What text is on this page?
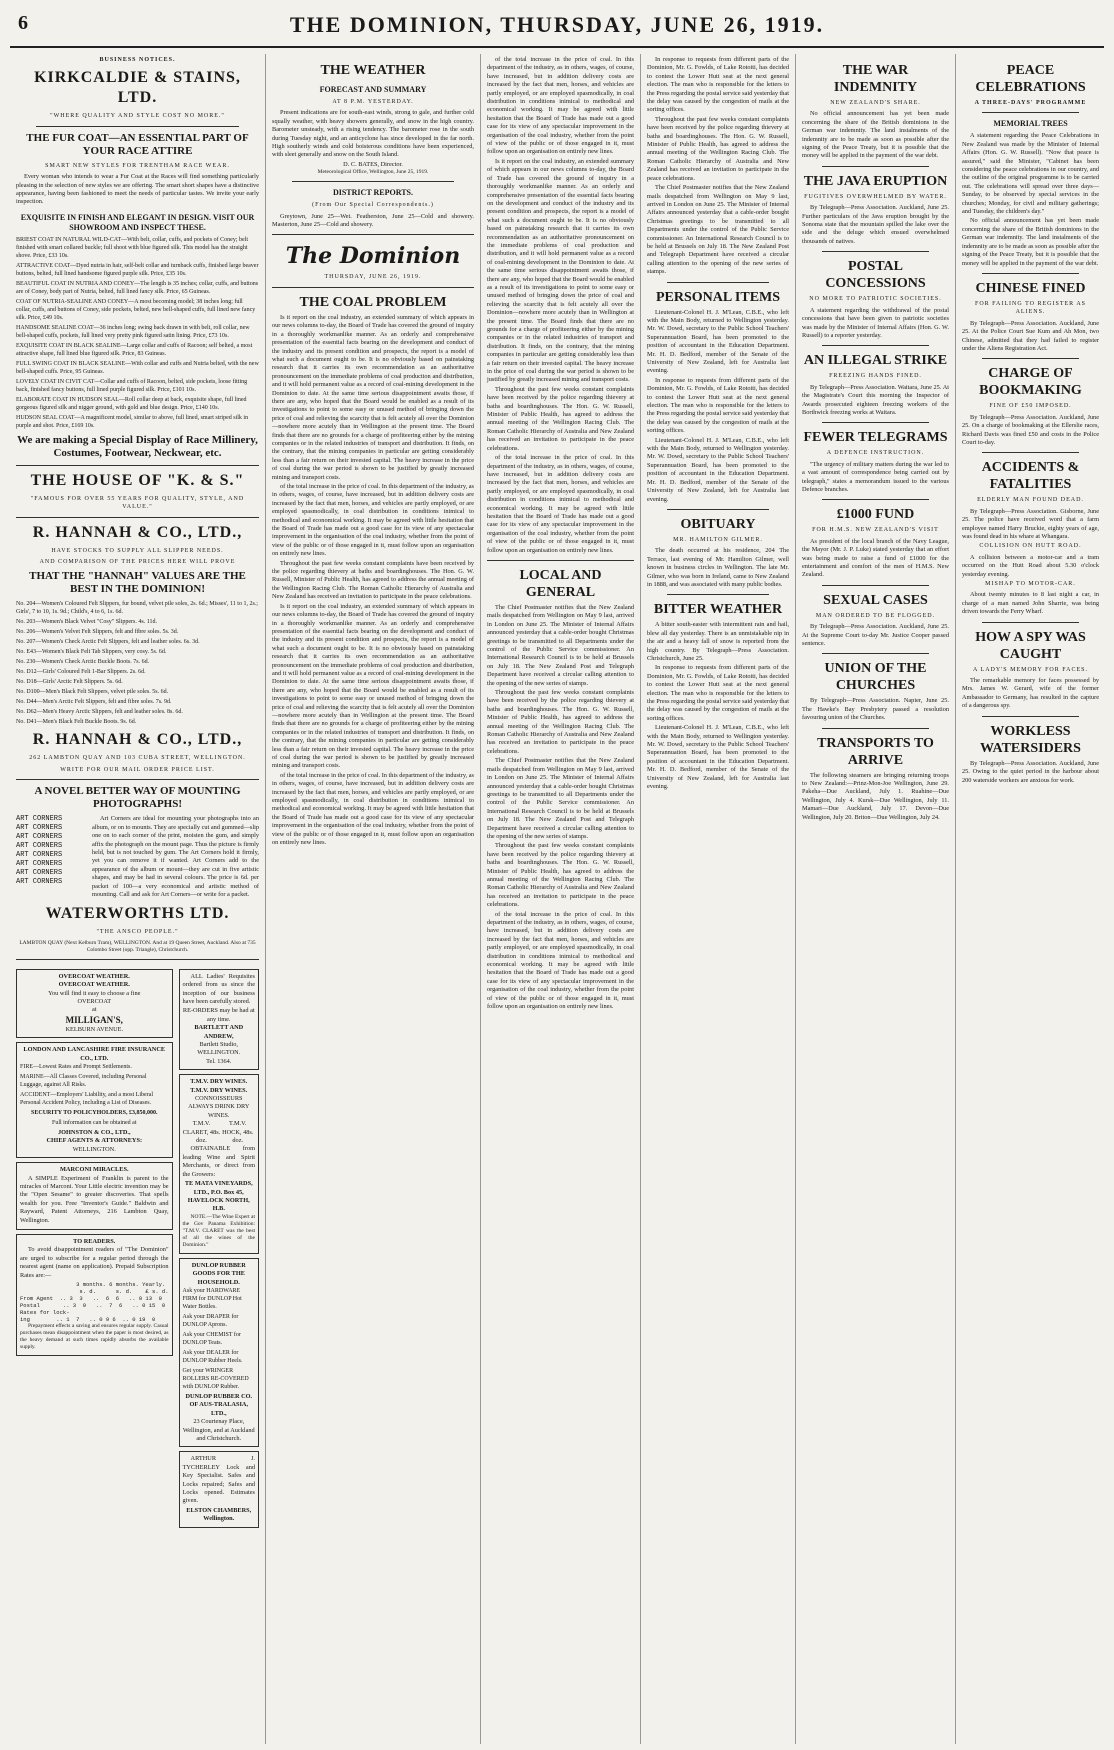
6	THE DOMINION, THURSDAY, JUNE 26, 1919.
BUSINESS NOTICES.
KIRKCALDIE & STAINS, LTD.
"WHERE QUALITY AND STYLE COST NO MORE."
THE FUR COAT—AN ESSENTIAL PART OF YOUR RACE ATTIRE
SMART NEW STYLES FOR TRENTHAM RACE WEAR.

Every woman who intends to wear a Fur Coat at the Races will find something particularly pleasing in the selection of new styles we are offering. The smart short shapes have a distinctive appearance, having been fashioned to meet the needs of particular tastes. We invite your early inspection.

EXQUISITE IN FINISH AND ELEGANT IN DESIGN. VISIT OUR SHOWROOM AND INSPECT THESE.
BRIEST COAT IN NATURAL WILD-CAT—With belt, collar, cuffs, and pockets of Coney; belt finished with smart collared buckle; full shoot with blue figured silk. This model has the straight shove. Price, £33 10s.
ATTRACTIVE COAT—Dyed nutria in hair, self-belt collar and turnback cuffs, finished large beaver buttons, belted, full lined handsome figured purple silk. Price, £35 10s.
BEAUTIFUL COAT IN NUTRIA AND CONEY—The length is 35 inches; collar, cuffs, and buttons are of Coney, body part of Nutria, belted, full lined fancy silk. Price, 65 Guineas.
COAT OF NUTRIA-SEALINE AND CONEY—A most becoming model; 38 inches long; full collar, cuffs, and buttons of Coney, side pockets, belted, new bell-shaped cuffs, full lined new fancy silk. Price, £49 10s.
HANDSOME SEALINE COAT—36 inches long; swing back drawn in with belt, roll collar, new bell-shaped cuffs, pockets, full lined very pretty pink figured satin lining. Price, £73 10s.
EXQUISITE COAT IN BLACK SEALINE—Large collar and cuffs of Racoon; self belted, a most attractive shape, full lined blue figured silk. Price, 83 Guineas.
FULL SWING COAT IN BLACK SEALINE—With collar and cuffs and Nutria belted, with the new bell-shaped cuffs. Price, 95 Guineas.
LOVELY COAT IN CIVIT CAT—Collar and cuffs of Racoon, belted, side pockets, loose fitting back, finished fancy buttons, full lined purple figured silk. Price, £101 10s.
ELABORATE COAT IN HUDSON SEAL—Roll collar deep at back, exquisite shape, full lined gorgeous figured silk and nigger ground, with gold and blue design. Price, £140 10s.
HUDSON SEAL COAT—A magnificent model, similar to above, full lined, smart striped silk in purple and shot. Price, £169 10s.
We are making a Special Display of Race Millinery, Costumes, Footwear, Neckwear, etc.
THE HOUSE OF "K. & S."
"FAMOUS FOR OVER 55 YEARS FOR QUALITY, STYLE, AND VALUE."
R. HANNAH & CO., LTD.,
HAVE STOCKS TO SUPPLY ALL SLIPPER NEEDS.
AND COMPARISON OF THE PRICES HERE WILL PROVE
THAT THE "HANNAH" VALUES ARE THE BEST IN THE DOMINION!
No. 204—Women's Coloured Felt Slippers, fur bound, velvet pile soles, 2s. 6d.; Misses', 11 to 1, 2s.; Girls', 7 to 10, 1s. 9d.; Child's, 4 to 6, 1s. 6d.
No. 203—Women's Black Velvet "Cosy" Slippers. 4s. 11d.
No. 206—Women's Velvet Felt Slippers, felt and fibre soles. 5s. 3d.
No. 207—Women's Check Arctic Felt Slippers, felt and leather soles. 6s. 3d.
No. E43—Women's Black Felt Tab Slippers, very cosy. 5s. 6d.
No. 230—Women's Check Arctic Buckle Boots. 7s. 6d.
No. D12—Girls' Coloured Felt 1-Bar Slippers. 2s. 6d.
No. D18—Girls' Arctic Felt Slippers. 5s. 6d.
No. D100—Men's Black Felt Slippers, velvet pile soles. 5s. 6d.
No. D44—Men's Arctic Felt Slippers, felt and fibre soles. 7s. 9d.
No. D62—Men's Heavy Arctic Slippers, felt and leather soles. 8s. 6d.
No. D41—Men's Black Felt Buckle Boots. 9s. 6d.
R. HANNAH & CO., LTD.,
262 LAMBTON QUAY AND 103 CUBA STREET, WELLINGTON.
WRITE FOR OUR MAIL ORDER PRICE LIST.
A NOVEL BETTER WAY OF MOUNTING PHOTOGRAPHS!
ART CORNERS
ART CORNERS
ART CORNERS
ART CORNERS
ART CORNERS
ART CORNERS
ART CORNERS
ART CORNERS

Art Corners are ideal for mounting your photographs into an album, or on to mounts. They are specially cut and gummed—slip one on to each corner of the print, moisten the gum, and simply affix the photograph on the mount page. Thus the picture is firmly held, but is not touched by gum. The Art Corners hold it firmly, yet you can remove it if wanted. Art Corners add to the appearance of the album or mount—they are cut in five artistic shapes, and may be had in several colours. The price is 6d. per packet of 100—a very economical and artistic method of mounting. Call and ask for Art Corners—or write for a packet.

WATERWORTHS LTD.
"THE ANSCO PEOPLE."
LAMBTON QUAY (Next Kelburn Tram), WELLINGTON. And at 19 Queen Street, Auckland. Also at 735 Colombo Street (opp. Triangle), Christchurch.
OVERCOAT WEATHER.
OVERCOAT WEATHER.
You will find it easy to choose a fine
OVERCOAT
at
MILLIGAN'S,
KELBURN AVENUE.
LONDON AND LANCASHIRE FIRE INSURANCE CO., LTD.
FIRE—Lowest Rates and Prompt Settlements.
MARINE—All Classes Covered, including Personal Luggage, against All Risks.
ACCIDENT—Employers' Liability, and a most Liberal Personal Accident Policy, including a List of Diseases.
SECURITY TO POLICYHOLDERS, £3,850,000.
Full information can be obtained at
JOHNSTON & CO., LTD.,
CHIEF AGENTS & ATTORNEYS:
WELLINGTON.
MARCONI MIRACLES.

A SIMPLE Experiment of Franklin is parent to the miracles of Marconi. Your Little electric invention may be the "Open Sesame" to greater discoveries. That spells wealth for you. Free "Inventor's Guide." Baldwin and Rayward, Patent Attorneys, 216 Lambton Quay, Wellington.

TO READERS.

To avoid disappointment readers of "The Dominion" are urged to subscribe for a regular period through the nearest agent (name on application). Prepaid Subscription Rates are:—

3 months. 6 months. Yearly.
s. d.      s. d.    £ s. d.
From Agent  .. 3  3   ..  6  6   .. 0 13  0
Postal       .. 3  9   ..  7  6   .. 0 15  0
Rates for lock-
ing        .. 1  7   .. 0 9 6  .. 0 19  0

Prepayment effects a saving and ensures regular supply. Casual purchases mean disappointment when the paper is most desired, as the heavy demand at such times rapidly absorbs the available supply.

ALL Ladies' Requisites ordered from us since the inception of our business have been carefully stored.

RE-ORDERS may be had at any time.
BARTLETT AND ANDREW,
Bartlett Studio, WELLINGTON.
Tel. 1364.
T.M.V. DRY WINES.
T.M.V. DRY WINES.
CONNOISSEURS ALWAYS DRINK DRY WINES.
T.M.V. CLARET, 48s. doz.
T.M.V. HOCK, 48s. doz.

OBTAINABLE from leading Wine and Spirit Merchants, or direct from the Growers:

TE MATA VINEYARDS, LTD., P.O. Box 45, HAVELOCK NORTH, H.B.

NOTE.—The Wine Expert at the Gov Panama Exhibition: "T.M.V. CLARET was the best of all the wines of the Dominion."

DUNLOP RUBBER GOODS FOR THE HOUSEHOLD.
Ask your HARDWARE FIRM for DUNLOP Hot Water Bottles.
Ask your DRAPER for DUNLOP Aprons.
Ask your CHEMIST for DUNLOP Teats.
Ask your DEALER for DUNLOP Rubber Heels.
Get your WRINGER ROLLERS RE-COVERED with DUNLOP Rubber.
DUNLOP RUBBER CO. OF AUS-TRALASIA, LTD.,
23 Courtenay Place, Wellington, and at Auckland and Christchurch.

ARTHUR J. TYCHERLEY Lock and Key Specialist. Safes and Locks repaired; Safes and Locks opened. Estimates given.

ELSTON CHAMBERS, Wellington.
THE WEATHER
FORECAST AND SUMMARY
AT 8 P.M. YESTERDAY.

Present indications are for south-east winds, strong to gale, and further cold squally weather, with heavy showers generally, and snow in the high country. Barometer unsteady, with a rising tendency. The barometer rose in the south during Tuesday night, and an anticyclone has since developed in the far north. High southerly winds and cold boisterous conditions have been experienced, with sleet generally and snow on the South Island.

D. C. BATES, Director.
Meteorological Office, Wellington, June 25, 1919.
DISTRICT REPORTS.
(From Our Special Correspondents.)

Greytown, June 25—Wet. Featherston, June 25—Cold and showery. Masterton, June 25—Cold and showery.

The Dominion
THURSDAY, JUNE 26, 1919.
THE COAL PROBLEM

Is it report on the coal industry, an extended summary of which appears in our news columns to-day, the Board of Trade has covered the ground of inquiry in a thoroughly workmanlike manner. As an orderly and comprehensive presentation of the essential facts bearing on the development and conduct of the industry and its present condition and prospects, the report is a model of what such a document ought to be. It is no obviously based on painstaking research that it carries its own recommendation as an authoritative pronouncement on the immediate problems of coal production and distribution, and it will hold permanent value as a record of coal-mining development in the Dominion to date. At the same time serious disappointment awaits those, if there are any, who hoped that the Board would be enabled as a result of its investigations to point to some easy or unused method of bringing down the price of coal and relieving the scarcity that is felt acutely all over the Dominion—nowhere more acutely than in Wellington at the present time. The Board finds that there are no grounds for a charge of profiteering either by the mining companies or in the related industries of transport and distribution. It finds, on the contrary, that the mining companies in particular are getting considerably less than a fair return on their invested capital. The heavy increase in the price of coal during the war period is shown to be justified by greatly increased mining and transport costs.

of the total increase in the price of coal. In this department of the industry, as in others, wages, of course, have increased, but in addition delivery costs are increased by the fact that men, horses, and vehicles are partly employed, or are employed spasmodically, in coal distribution in conditions inimical to methodical and economical working. It may be agreed with little hesitation that the Board of Trade has made out a good case for its view of any spectacular improvement in the organisation of the coal industry, whether from the point of view of the public or of those engaged in it, must follow upon an organisation on entirely new lines.

Throughout the past few weeks constant complaints have been received by the police regarding thievery at baths and boardinghouses. The Hon. G. W. Russell, Minister of Public Health, has agreed to address the annual meeting of the Wellington Racing Club. The Roman Catholic Hierarchy of Australia and New Zealand has received an invitation to participate in the peace celebrations.

Is it report on the coal industry, an extended summary of which appears in our news columns to-day, the Board of Trade has covered the ground of inquiry in a thoroughly workmanlike manner. As an orderly and comprehensive presentation of the essential facts bearing on the development and conduct of the industry and its present condition and prospects, the report is a model of what such a document ought to be. It is no obviously based on painstaking research that it carries its own recommendation as an authoritative pronouncement on the immediate problems of coal production and distribution, and it will hold permanent value as a record of coal-mining development in the Dominion to date. At the same time serious disappointment awaits those, if there are any, who hoped that the Board would be enabled as a result of its investigations to point to some easy or unused method of bringing down the price of coal and relieving the scarcity that is felt acutely all over the Dominion—nowhere more acutely than in Wellington at the present time. The Board finds that there are no grounds for a charge of profiteering either by the mining companies or in the related industries of transport and distribution. It finds, on the contrary, that the mining companies in particular are getting considerably less than a fair return on their invested capital. The heavy increase in the price of coal during the war period is shown to be justified by greatly increased mining and transport costs.

of the total increase in the price of coal. In this department of the industry, as in others, wages, of course, have increased, but in addition delivery costs are increased by the fact that men, horses, and vehicles are partly employed, or are employed spasmodically, in coal distribution in conditions inimical to methodical and economical working. It may be agreed with little hesitation that the Board of Trade has made out a good case for its view of any spectacular improvement in the organisation of the coal industry, whether from the point of view of the public or of those engaged in it, must follow upon an organisation on entirely new lines.

of the total increase in the price of coal. In this department of the industry, as in others, wages, of course, have increased, but in addition delivery costs are increased by the fact that men, horses, and vehicles are partly employed, or are employed spasmodically, in coal distribution in conditions inimical to methodical and economical working. It may be agreed with little hesitation that the Board of Trade has made out a good case for its view of any spectacular improvement in the organisation of the coal industry, whether from the point of view of the public or of those engaged in it, must follow upon an organisation on entirely new lines.

Is it report on the coal industry, an extended summary of which appears in our news columns to-day, the Board of Trade has covered the ground of inquiry in a thoroughly workmanlike manner. As an orderly and comprehensive presentation of the essential facts bearing on the development and conduct of the industry and its present condition and prospects, the report is a model of what such a document ought to be. It is no obviously based on painstaking research that it carries its own recommendation as an authoritative pronouncement on the immediate problems of coal production and distribution, and it will hold permanent value as a record of coal-mining development in the Dominion to date. At the same time serious disappointment awaits those, if there are any, who hoped that the Board would be enabled as a result of its investigations to point to some easy or unused method of bringing down the price of coal and relieving the scarcity that is felt acutely all over the Dominion—nowhere more acutely than in Wellington at the present time. The Board finds that there are no grounds for a charge of profiteering either by the mining companies or in the related industries of transport and distribution. It finds, on the contrary, that the mining companies in particular are getting considerably less than a fair return on their invested capital. The heavy increase in the price of coal during the war period is shown to be justified by greatly increased mining and transport costs.

Throughout the past few weeks constant complaints have been received by the police regarding thievery at baths and boardinghouses. The Hon. G. W. Russell, Minister of Public Health, has agreed to address the annual meeting of the Wellington Racing Club. The Roman Catholic Hierarchy of Australia and New Zealand has received an invitation to participate in the peace celebrations.

of the total increase in the price of coal. In this department of the industry, as in others, wages, of course, have increased, but in addition delivery costs are increased by the fact that men, horses, and vehicles are partly employed, or are employed spasmodically, in coal distribution in conditions inimical to methodical and economical working. It may be agreed with little hesitation that the Board of Trade has made out a good case for its view of any spectacular improvement in the organisation of the coal industry, whether from the point of view of the public or of those engaged in it, must follow upon an organisation on entirely new lines.

LOCAL AND GENERAL

The Chief Postmaster notifies that the New Zealand mails despatched from Wellington on May 9 last, arrived in London on June 25. The Minister of Internal Affairs announced yesterday that a cable-order bought Christmas greetings to be transmitted to all Departments under the control of the Public Service commissioner. An International Research Council is to be held at Brussels on July 18. The New Zealand Post and Telegraph Department have received a circular calling attention to the opening of the new series of stamps.

Throughout the past few weeks constant complaints have been received by the police regarding thievery at baths and boardinghouses. The Hon. G. W. Russell, Minister of Public Health, has agreed to address the annual meeting of the Wellington Racing Club. The Roman Catholic Hierarchy of Australia and New Zealand has received an invitation to participate in the peace celebrations.

The Chief Postmaster notifies that the New Zealand mails despatched from Wellington on May 9 last, arrived in London on June 25. The Minister of Internal Affairs announced yesterday that a cable-order bought Christmas greetings to be transmitted to all Departments under the control of the Public Service commissioner. An International Research Council is to be held at Brussels on July 18. The New Zealand Post and Telegraph Department have received a circular calling attention to the opening of the new series of stamps.

Throughout the past few weeks constant complaints have been received by the police regarding thievery at baths and boardinghouses. The Hon. G. W. Russell, Minister of Public Health, has agreed to address the annual meeting of the Wellington Racing Club. The Roman Catholic Hierarchy of Australia and New Zealand has received an invitation to participate in the peace celebrations.

of the total increase in the price of coal. In this department of the industry, as in others, wages, of course, have increased, but in addition delivery costs are increased by the fact that men, horses, and vehicles are partly employed, or are employed spasmodically, in coal distribution in conditions inimical to methodical and economical working. It may be agreed with little hesitation that the Board of Trade has made out a good case for its view of any spectacular improvement in the organisation of the coal industry, whether from the point of view of the public or of those engaged in it, must follow upon an organisation on entirely new lines.

In response to requests from different parts of the Dominion, Mr. G. Fowlds, of Lake Rotoiti, has decided to contest the Lower Hutt seat at the next general election. The man who is responsible for the letters to the Press regarding the postal service said yesterday that the delay was caused by the congestion of mails at the sorting offices.

Throughout the past few weeks constant complaints have been received by the police regarding thievery at baths and boardinghouses. The Hon. G. W. Russell, Minister of Public Health, has agreed to address the annual meeting of the Wellington Racing Club. The Roman Catholic Hierarchy of Australia and New Zealand has received an invitation to participate in the peace celebrations.

The Chief Postmaster notifies that the New Zealand mails despatched from Wellington on May 9 last, arrived in London on June 25. The Minister of Internal Affairs announced yesterday that a cable-order bought Christmas greetings to be transmitted to all Departments under the control of the Public Service commissioner. An International Research Council is to be held at Brussels on July 18. The New Zealand Post and Telegraph Department have received a circular calling attention to the opening of the new series of stamps.

PERSONAL ITEMS

Lieutenant-Colonel H. J. M'Lean, C.B.E., who left with the Main Body, returned to Wellington yesterday. Mr. W. Dowd, secretary to the Public School Teachers' Superannuation Board, has been promoted to the position of accountant in the Education Department. Mr. H. D. Bedford, member of the Senate of the University of New Zealand, left for Australia last evening.

In response to requests from different parts of the Dominion, Mr. G. Fowlds, of Lake Rotoiti, has decided to contest the Lower Hutt seat at the next general election. The man who is responsible for the letters to the Press regarding the postal service said yesterday that the delay was caused by the congestion of mails at the sorting offices.

Lieutenant-Colonel H. J. M'Lean, C.B.E., who left with the Main Body, returned to Wellington yesterday. Mr. W. Dowd, secretary to the Public School Teachers' Superannuation Board, has been promoted to the position of accountant in the Education Department. Mr. H. D. Bedford, member of the Senate of the University of New Zealand, left for Australia last evening.

OBITUARY
MR. HAMILTON GILMER.

The death occurred at his residence, 204 The Terrace, last evening of Mr. Hamilton Gilmer, well known in business circles in Wellington. The late Mr. Gilmer, who was born in Ireland, came to New Zealand in 1888, and was associated with many public bodies.

BITTER WEATHER

A bitter south-easter with intermittent rain and hail, blew all day yesterday. There is an unmistakable nip in the air and a heavy fall of snow is reported from the high country. By Telegraph—Press Association. Christchurch, June 25.

In response to requests from different parts of the Dominion, Mr. G. Fowlds, of Lake Rotoiti, has decided to contest the Lower Hutt seat at the next general election. The man who is responsible for the letters to the Press regarding the postal service said yesterday that the delay was caused by the congestion of mails at the sorting offices.

Lieutenant-Colonel H. J. M'Lean, C.B.E., who left with the Main Body, returned to Wellington yesterday. Mr. W. Dowd, secretary to the Public School Teachers' Superannuation Board, has been promoted to the position of accountant in the Education Department. Mr. H. D. Bedford, member of the Senate of the University of New Zealand, left for Australia last evening.

THE WAR INDEMNITY
NEW ZEALAND'S SHARE.

No official announcement has yet been made concerning the share of the British dominions in the German war indemnity. The land instalments of the indemnity are to be made as soon as possible after the signing of the Peace Treaty, but it is possible that the money will be applied in the payment of the war debt.

THE JAVA ERUPTION
FUGITIVES OVERWHELMED BY WATER.

By Telegraph—Press Association. Auckland, June 25. Further particulars of the Java eruption brought by the Sonoma state that the mountain spilled the lake over the side and the deluge which ensued overwhelmed thousands of natives.

POSTAL CONCESSIONS
NO MORE TO PATRIOTIC SOCIETIES.

A statement regarding the withdrawal of the postal concessions that have been given to patriotic societies was made by the Minister of Internal Affairs (Hon. G. W. Russell) to a reporter yesterday.

AN ILLEGAL STRIKE
FREEZING HANDS FINED.

By Telegraph—Press Association. Waitara, June 25. At the Magistrate's Court this morning the Inspector of Awards prosecuted eighteen freezing workers of the Borthwick freezing works at Waitara.

FEWER TELEGRAMS
A DEFENCE INSTRUCTION.

"The urgency of military matters during the war led to a vast amount of correspondence being carried out by telegraph," states a memorandum issued to the various Defence branches.

£1000 FUND
FOR H.M.S. NEW ZEALAND'S VISIT

As president of the local branch of the Navy League, the Mayor (Mr. J. P. Luke) stated yesterday that an effort was being made to raise a fund of £1000 for the entertainment and comfort of the men of H.M.S. New Zealand.

SEXUAL CASES
MAN ORDERED TO BE FLOGGED.

By Telegraph—Press Association. Auckland, June 25. At the Supreme Court to-day Mr. Justice Cooper passed sentence.

UNION OF THE CHURCHES

By Telegraph—Press Association. Napier, June 25. The Hawke's Bay Presbytery passed a resolution favouring union of the Churches.

TRANSPORTS TO ARRIVE

The following steamers are bringing returning troops to New Zealand:—Prinz-Mon-Joe Wellington, June 29. Pakeha—Due Auckland, July 1. Ruahine—Due Wellington, July 4. Kursk—Due Wellington, July 11. Mamari—Due Auckland, July 17. Devon—Due Wellington, July 20. Briton—Due Wellington, July 24.

PEACE CELEBRATIONS
A THREE-DAYS' PROGRAMME
MEMORIAL TREES

A statement regarding the Peace Celebrations in New Zealand was made by the Minister of Internal Affairs (Hon. G. W. Russell). "Now that peace is assured," said the Minister, "Cabinet has been considering the peace celebrations in our country, and the outline of the original programme is to be carried out. The celebrations will spread over three days—Sunday, to be observed by special services in the churches; Monday, for civil and military gatherings; and Tuesday, the children's day."

No official announcement has yet been made concerning the share of the British dominions in the German war indemnity. The land instalments of the indemnity are to be made as soon as possible after the signing of the Peace Treaty, but it is possible that the money will be applied in the payment of the war debt.

CHINESE FINED
FOR FAILING TO REGISTER AS ALIENS.

By Telegraph—Press Association. Auckland, June 25. At the Police Court Sue Kum and Ah Mon, two Chinese, admitted that they had failed to register under the Aliens Registration Act.

CHARGE OF BOOKMAKING
FINE OF £50 IMPOSED.

By Telegraph—Press Association. Auckland, June 25. On a charge of bookmaking at the Ellerslie races, Richard Davis was fined £50 and costs in the Police Court to-day.

ACCIDENTS & FATALITIES
ELDERLY MAN FOUND DEAD.

By Telegraph—Press Association. Gisborne, June 25. The police have received word that a farm employee named Harry Bruckie, eighty years of age, was found dead in his whare at Whangara.

COLLISION ON HUTT ROAD.

A collision between a motor-car and a tram occurred on the Hutt Road about 5.30 o'clock yesterday evening.

MISHAP TO MOTOR-CAR.

About twenty minutes to 8 last night a car, in charge of a man named John Sharrie, was being driven towards the Ferry Wharf.

HOW A SPY WAS CAUGHT
A LADY'S MEMORY FOR FACES.

The remarkable memory for faces possessed by Mrs. James W. Gerard, wife of the former Ambassador to Germany, has resulted in the capture of a dangerous spy.

WORKLESS WATERSIDERS

By Telegraph—Press Association. Auckland, June 25. Owing to the quiet period in the harbour about 200 waterside workers are anxious for work.
